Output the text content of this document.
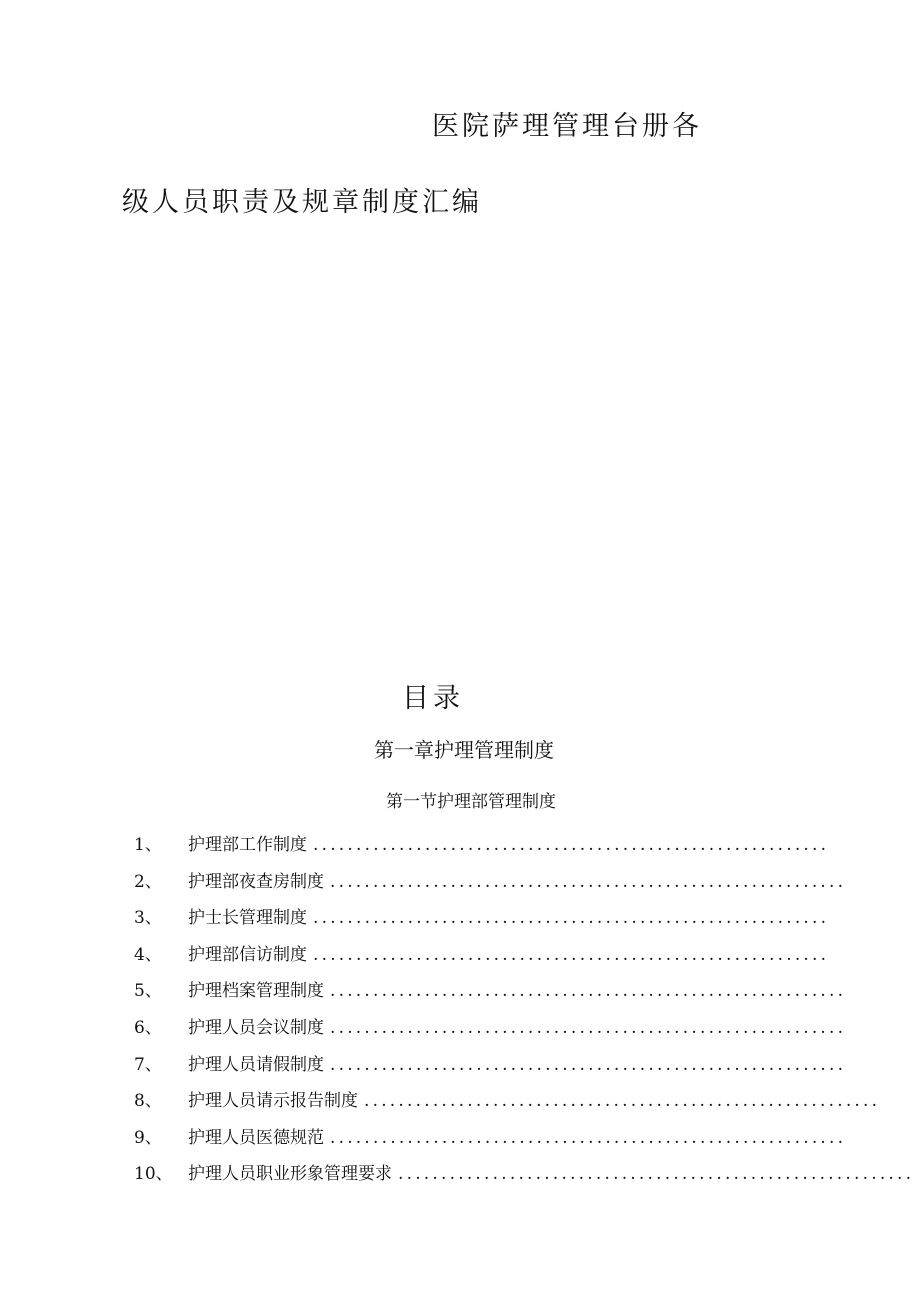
医院萨理管理台册各
级人员职责及规章制度汇编
目录
第一章护理管理制度
第一节护理部管理制度
1、	护理部工作制度 ............................................................
2、	护理部夜查房制度 ............................................................
3、	护士长管理制度 ............................................................
4、	护理部信访制度 ............................................................
5、	护理档案管理制度 ............................................................
6、	护理人员会议制度 ............................................................
7、	护理人员请假制度 ............................................................
8、	护理人员请示报告制度 ............................................................
9、	护理人员医德规范 ............................................................
10、 护理人员职业形象管理要求 ............................................................
